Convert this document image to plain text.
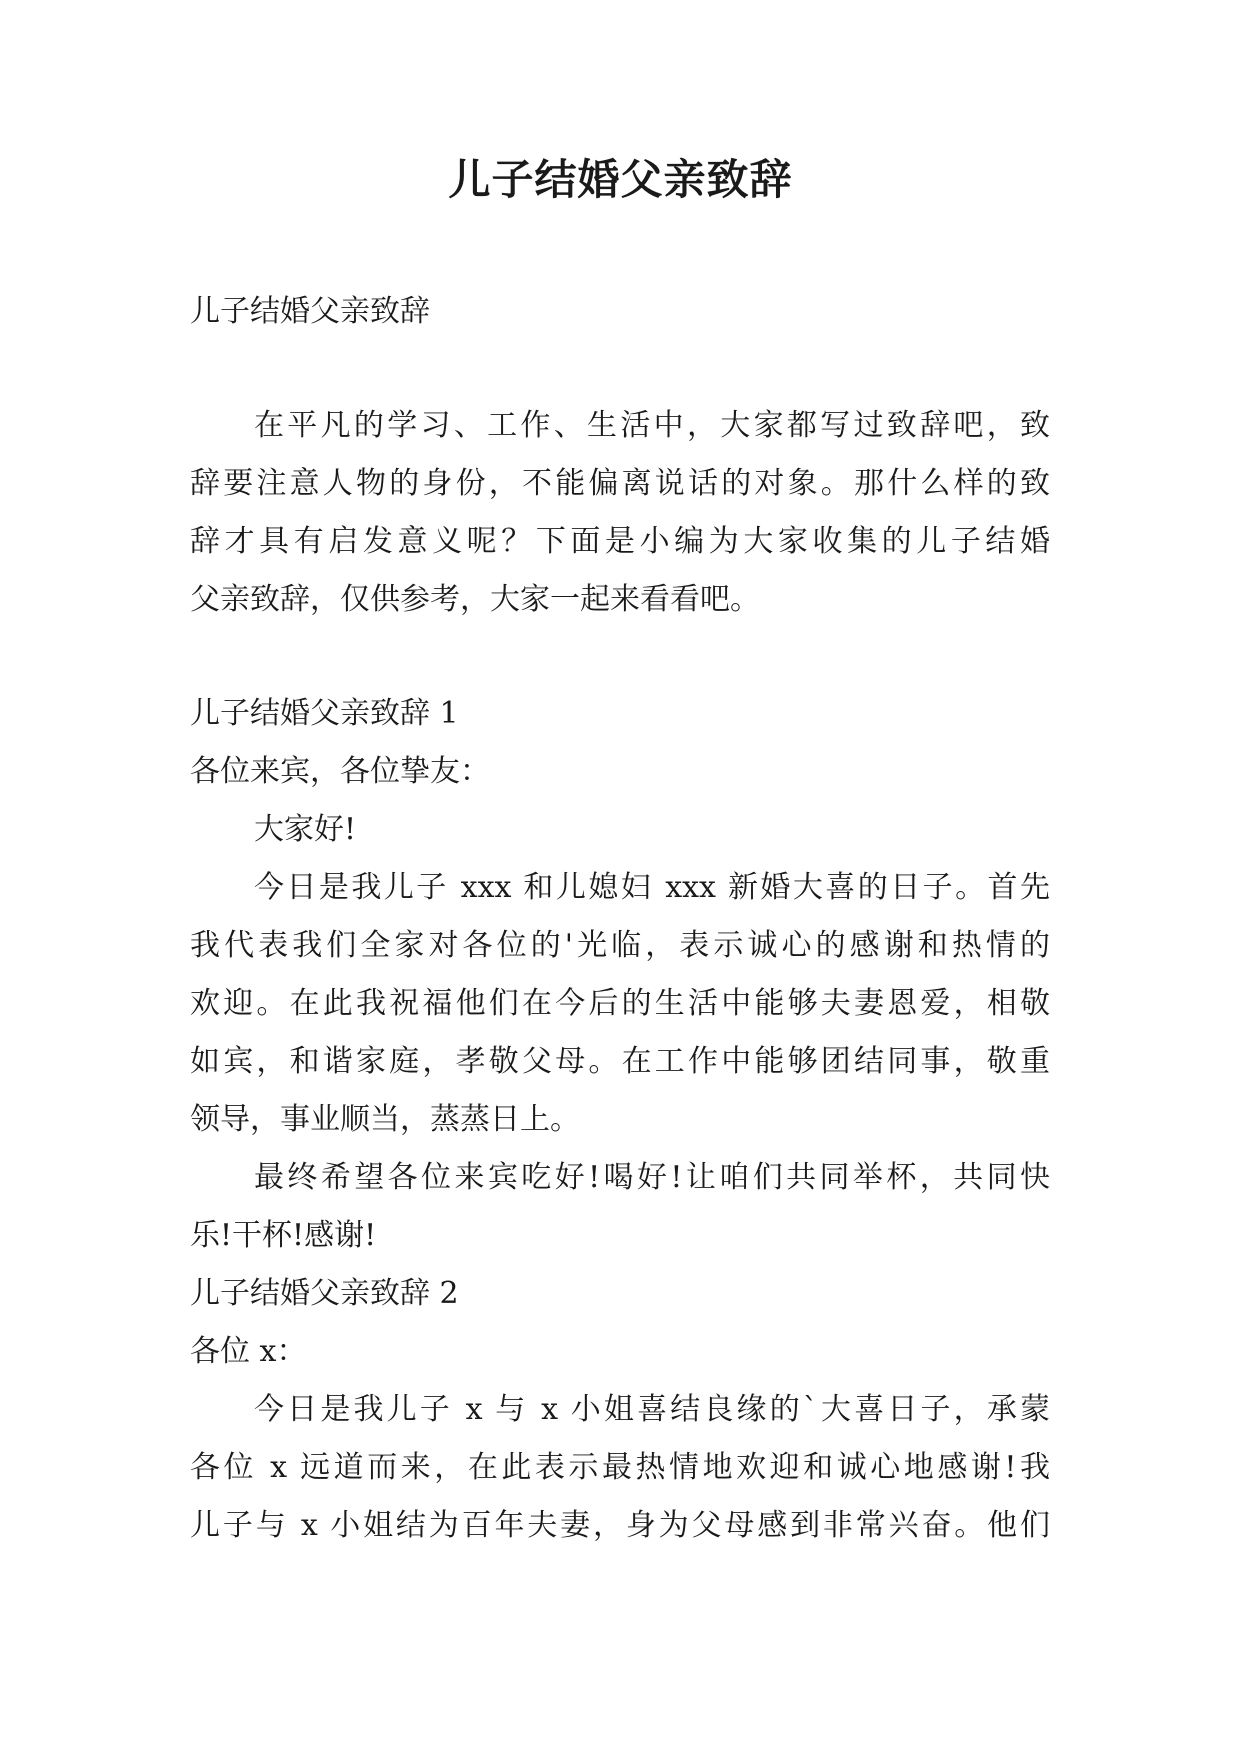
儿子结婚父亲致辞
儿子结婚父亲致辞
在平凡的学习、工作、生活中，大家都写过致辞吧，致
辞要注意人物的身份，不能偏离说话的对象。那什么样的致
辞才具有启发意义呢？下面是小编为大家收集的儿子结婚
父亲致辞，仅供参考，大家一起来看看吧。
儿子结婚父亲致辞 1
各位来宾，各位挚友：
大家好!
今日是我儿子 xxx 和儿媳妇 xxx 新婚大喜的日子。首先
我代表我们全家对各位的'光临，表示诚心的感谢和热情的
欢迎。在此我祝福他们在今后的生活中能够夫妻恩爱，相敬
如宾，和谐家庭，孝敬父母。在工作中能够团结同事，敬重
领导，事业顺当，蒸蒸日上。
最终希望各位来宾吃好!喝好!让咱们共同举杯，共同快
乐!干杯!感谢!
儿子结婚父亲致辞 2
各位 x：
今日是我儿子 x 与 x 小姐喜结良缘的`大喜日子，承蒙
各位 x 远道而来，在此表示最热情地欢迎和诚心地感谢!我
儿子与 x 小姐结为百年夫妻，身为父母感到非常兴奋。他们
